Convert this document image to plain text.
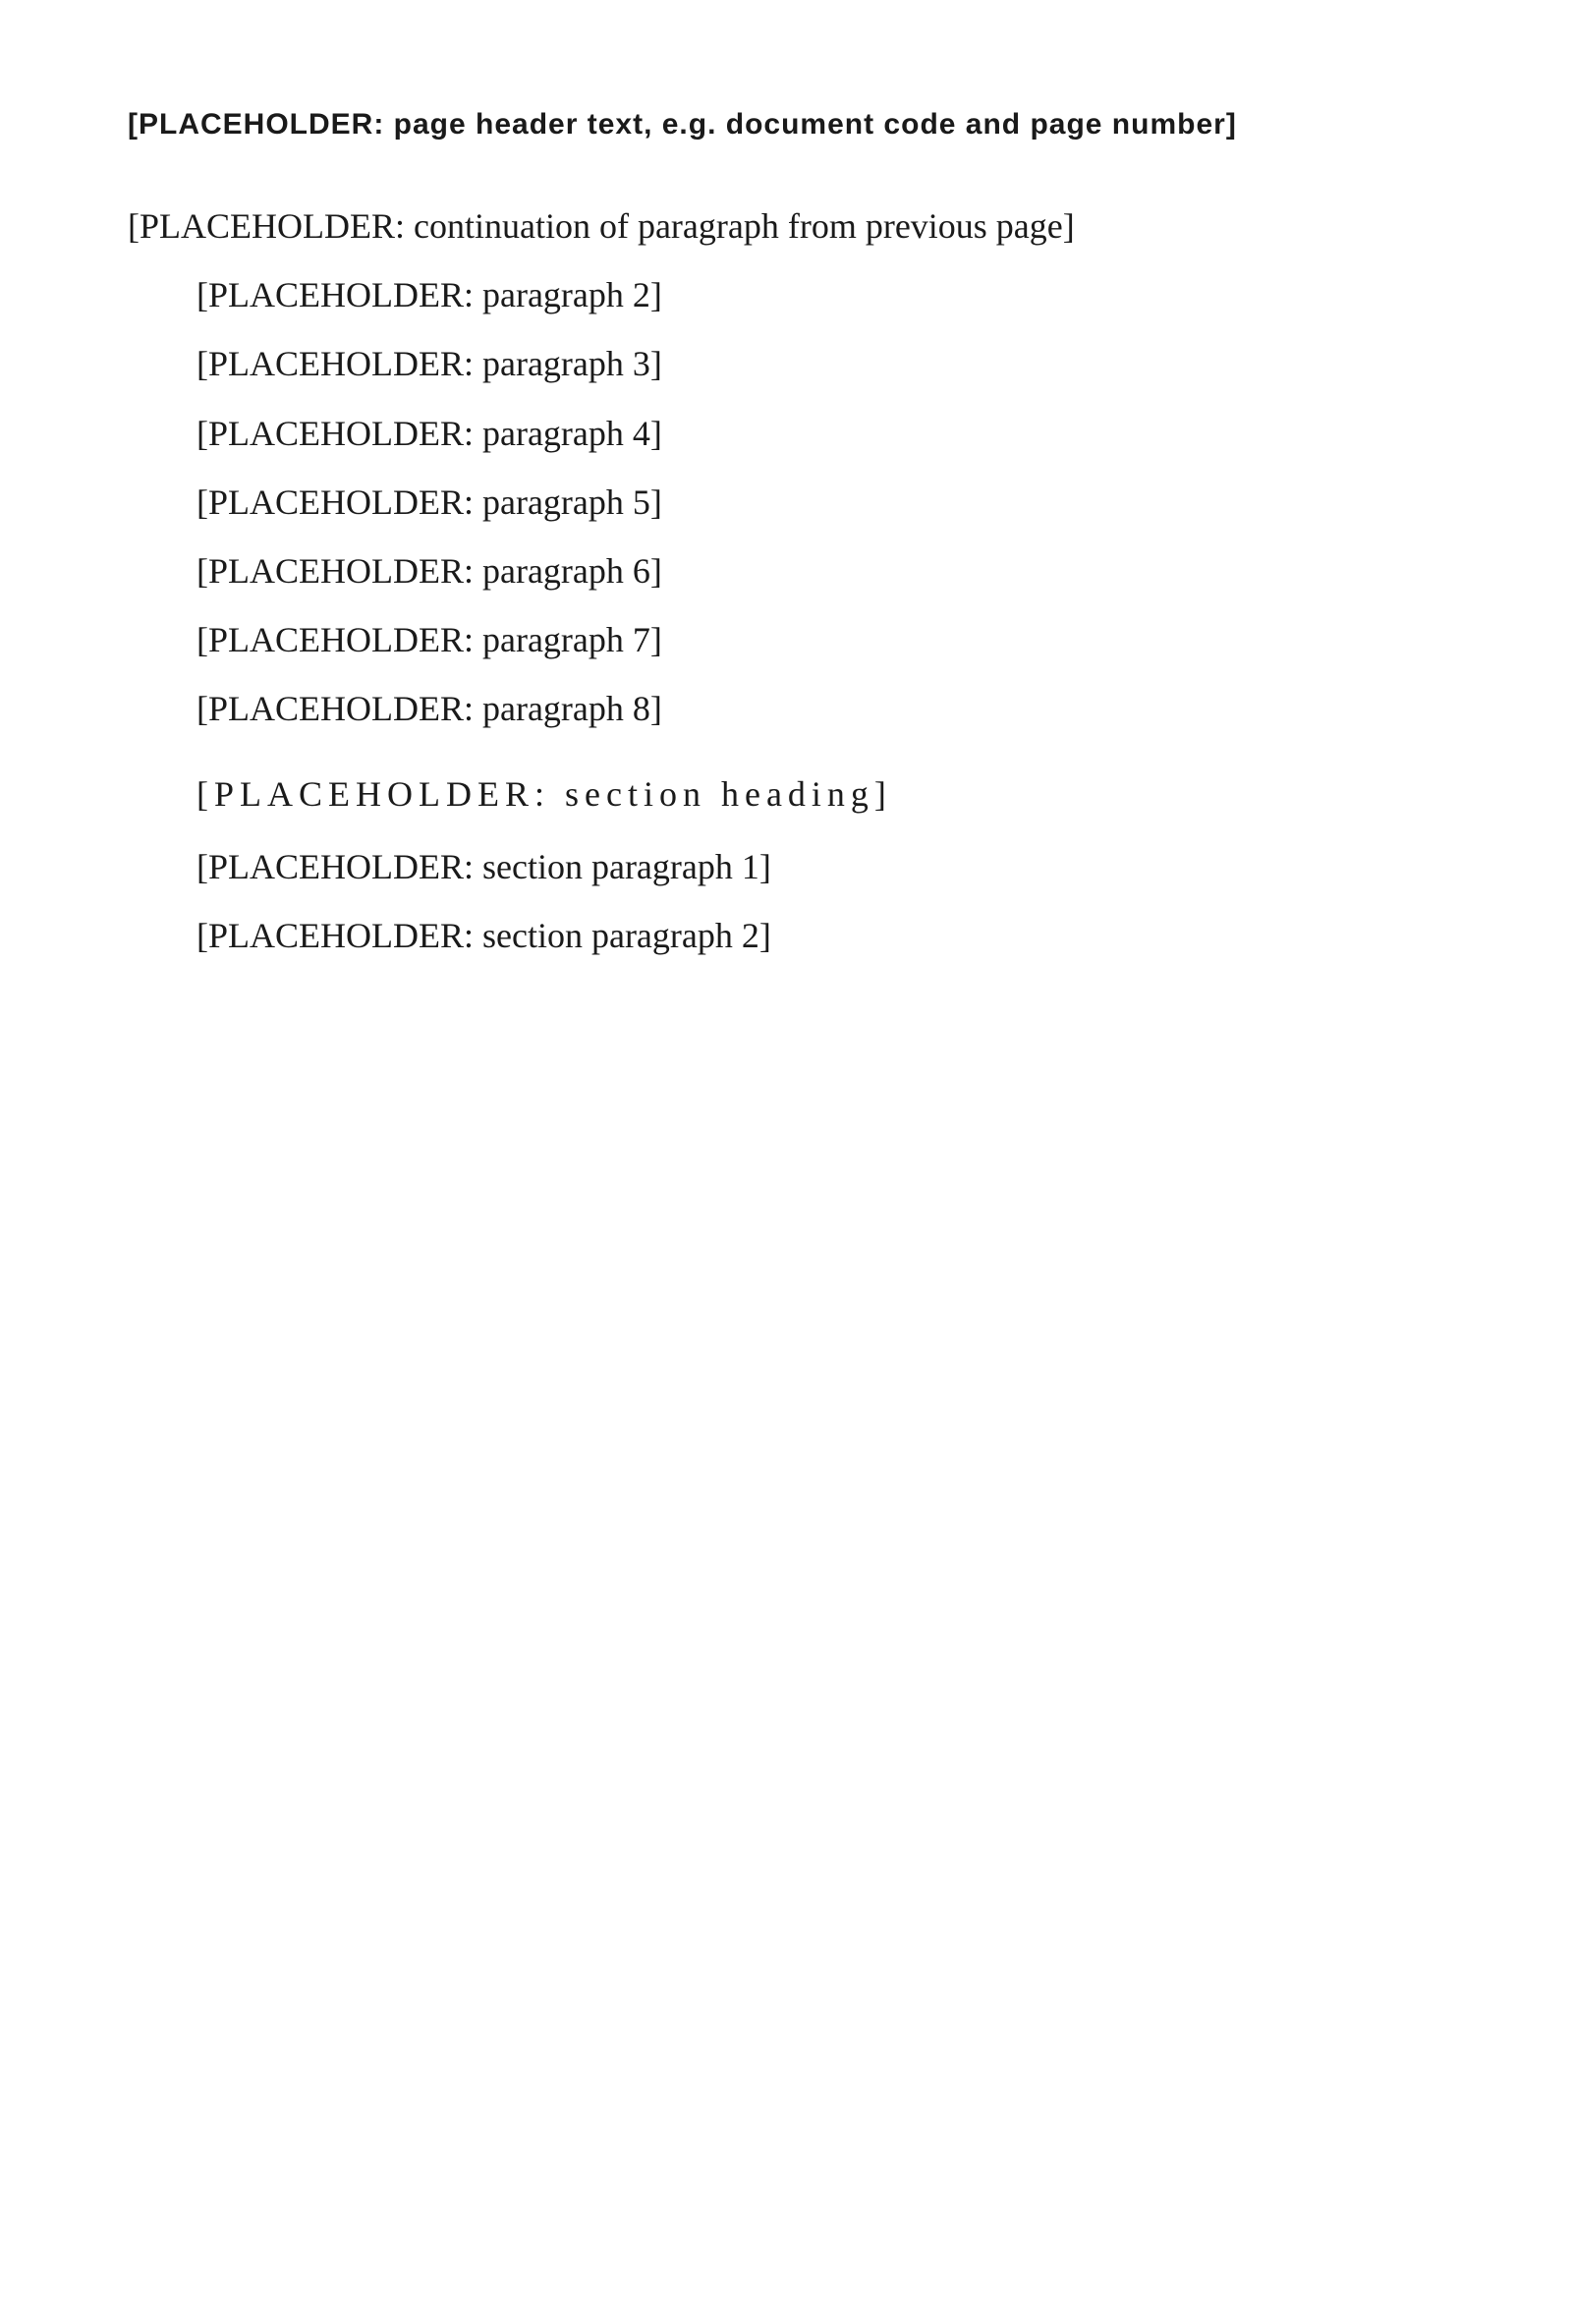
[PLACEHOLDER: page header text, e.g. document code and page number]

[PLACEHOLDER: continuation of paragraph from previous page]

[PLACEHOLDER: paragraph 2]

[PLACEHOLDER: paragraph 3]

[PLACEHOLDER: paragraph 4]

[PLACEHOLDER: paragraph 5]

[PLACEHOLDER: paragraph 6]

[PLACEHOLDER: paragraph 7]

[PLACEHOLDER: paragraph 8]

[PLACEHOLDER: section heading]

[PLACEHOLDER: section paragraph 1]

[PLACEHOLDER: section paragraph 2]
